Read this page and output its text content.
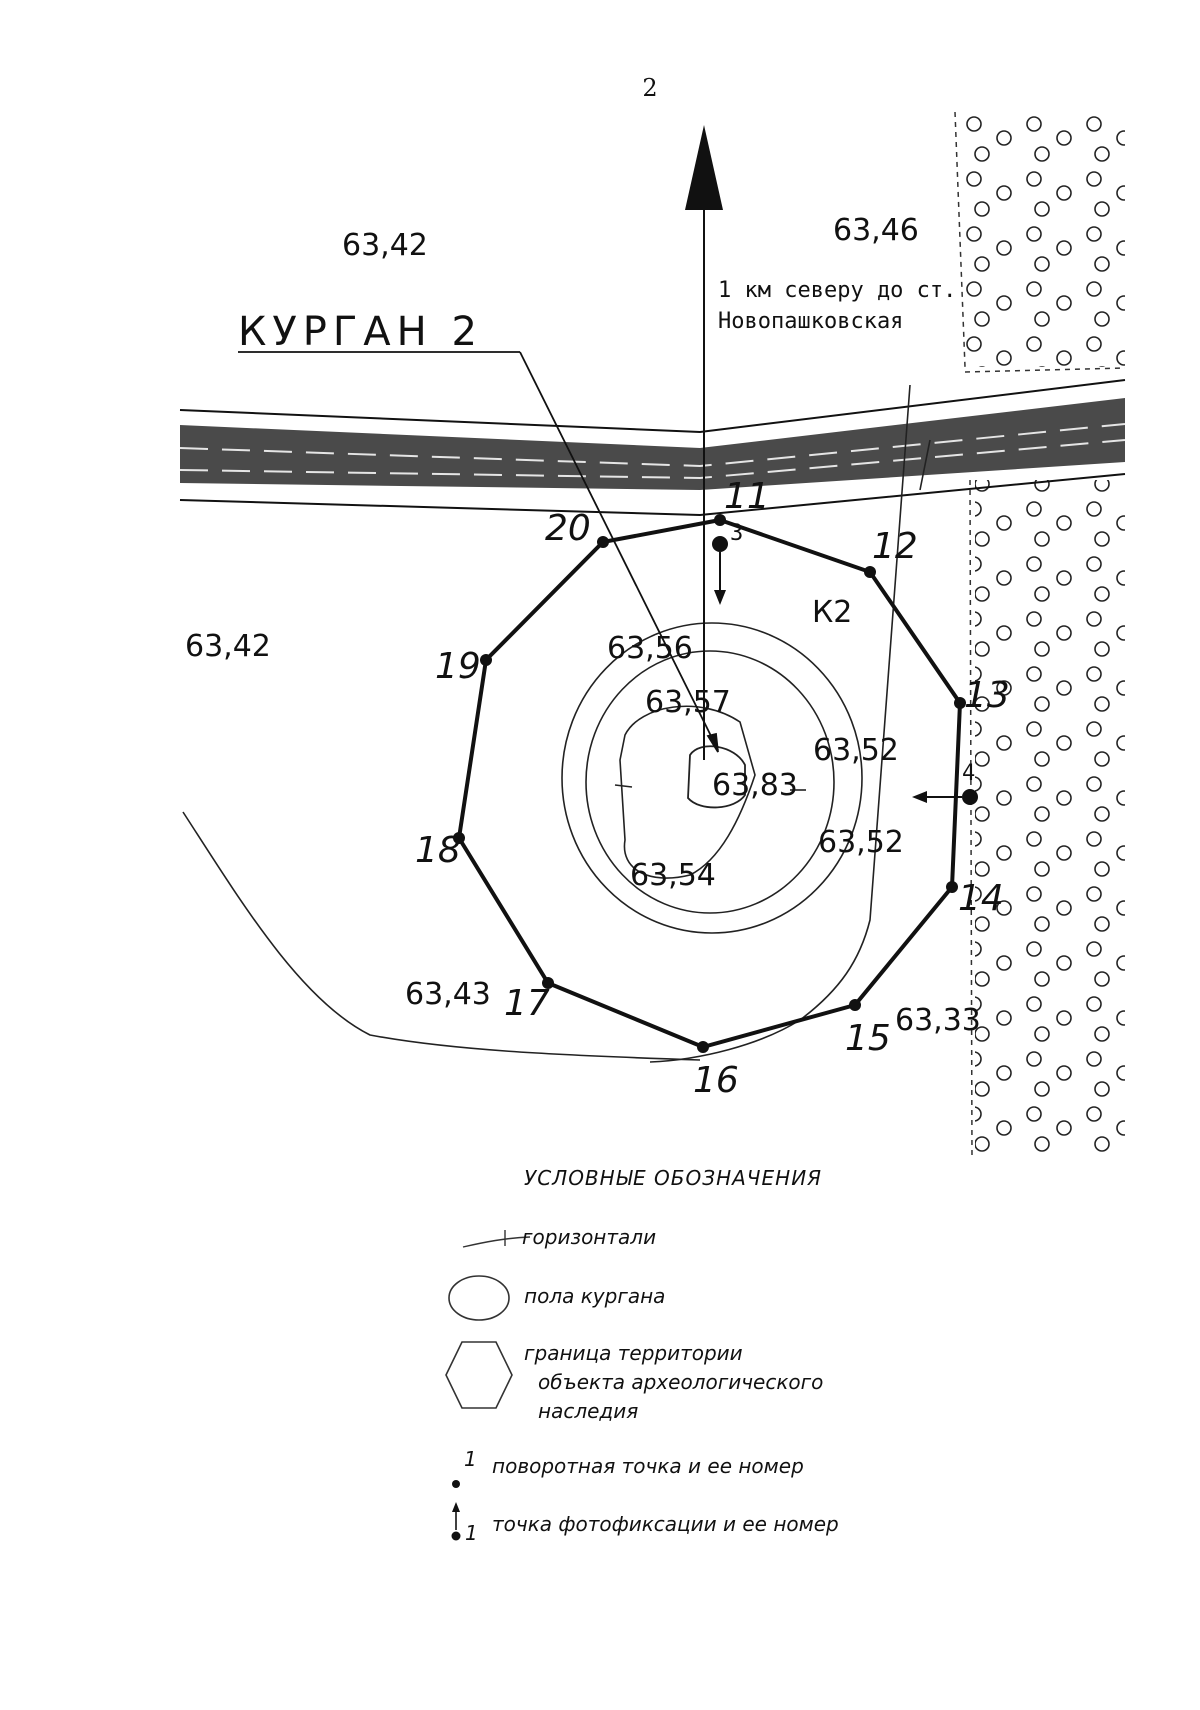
2
3
4
КУРГАН 2
1 км северу до ст.
Новопашковская
К2
63,42	63,46
63,42	63,56
63,57
63,52
63,83
63,52
63,54
63,43
63,33
11
12
13
14
15
16
17
18
19
20
УСЛОВНЫЕ ОБОЗНАЧЕНИЯ
горизонтали
пола кургана
граница территории
объекта археологического
наследия
1 поворотная точка и ее номер
1 точка фотофиксации и ее номер
